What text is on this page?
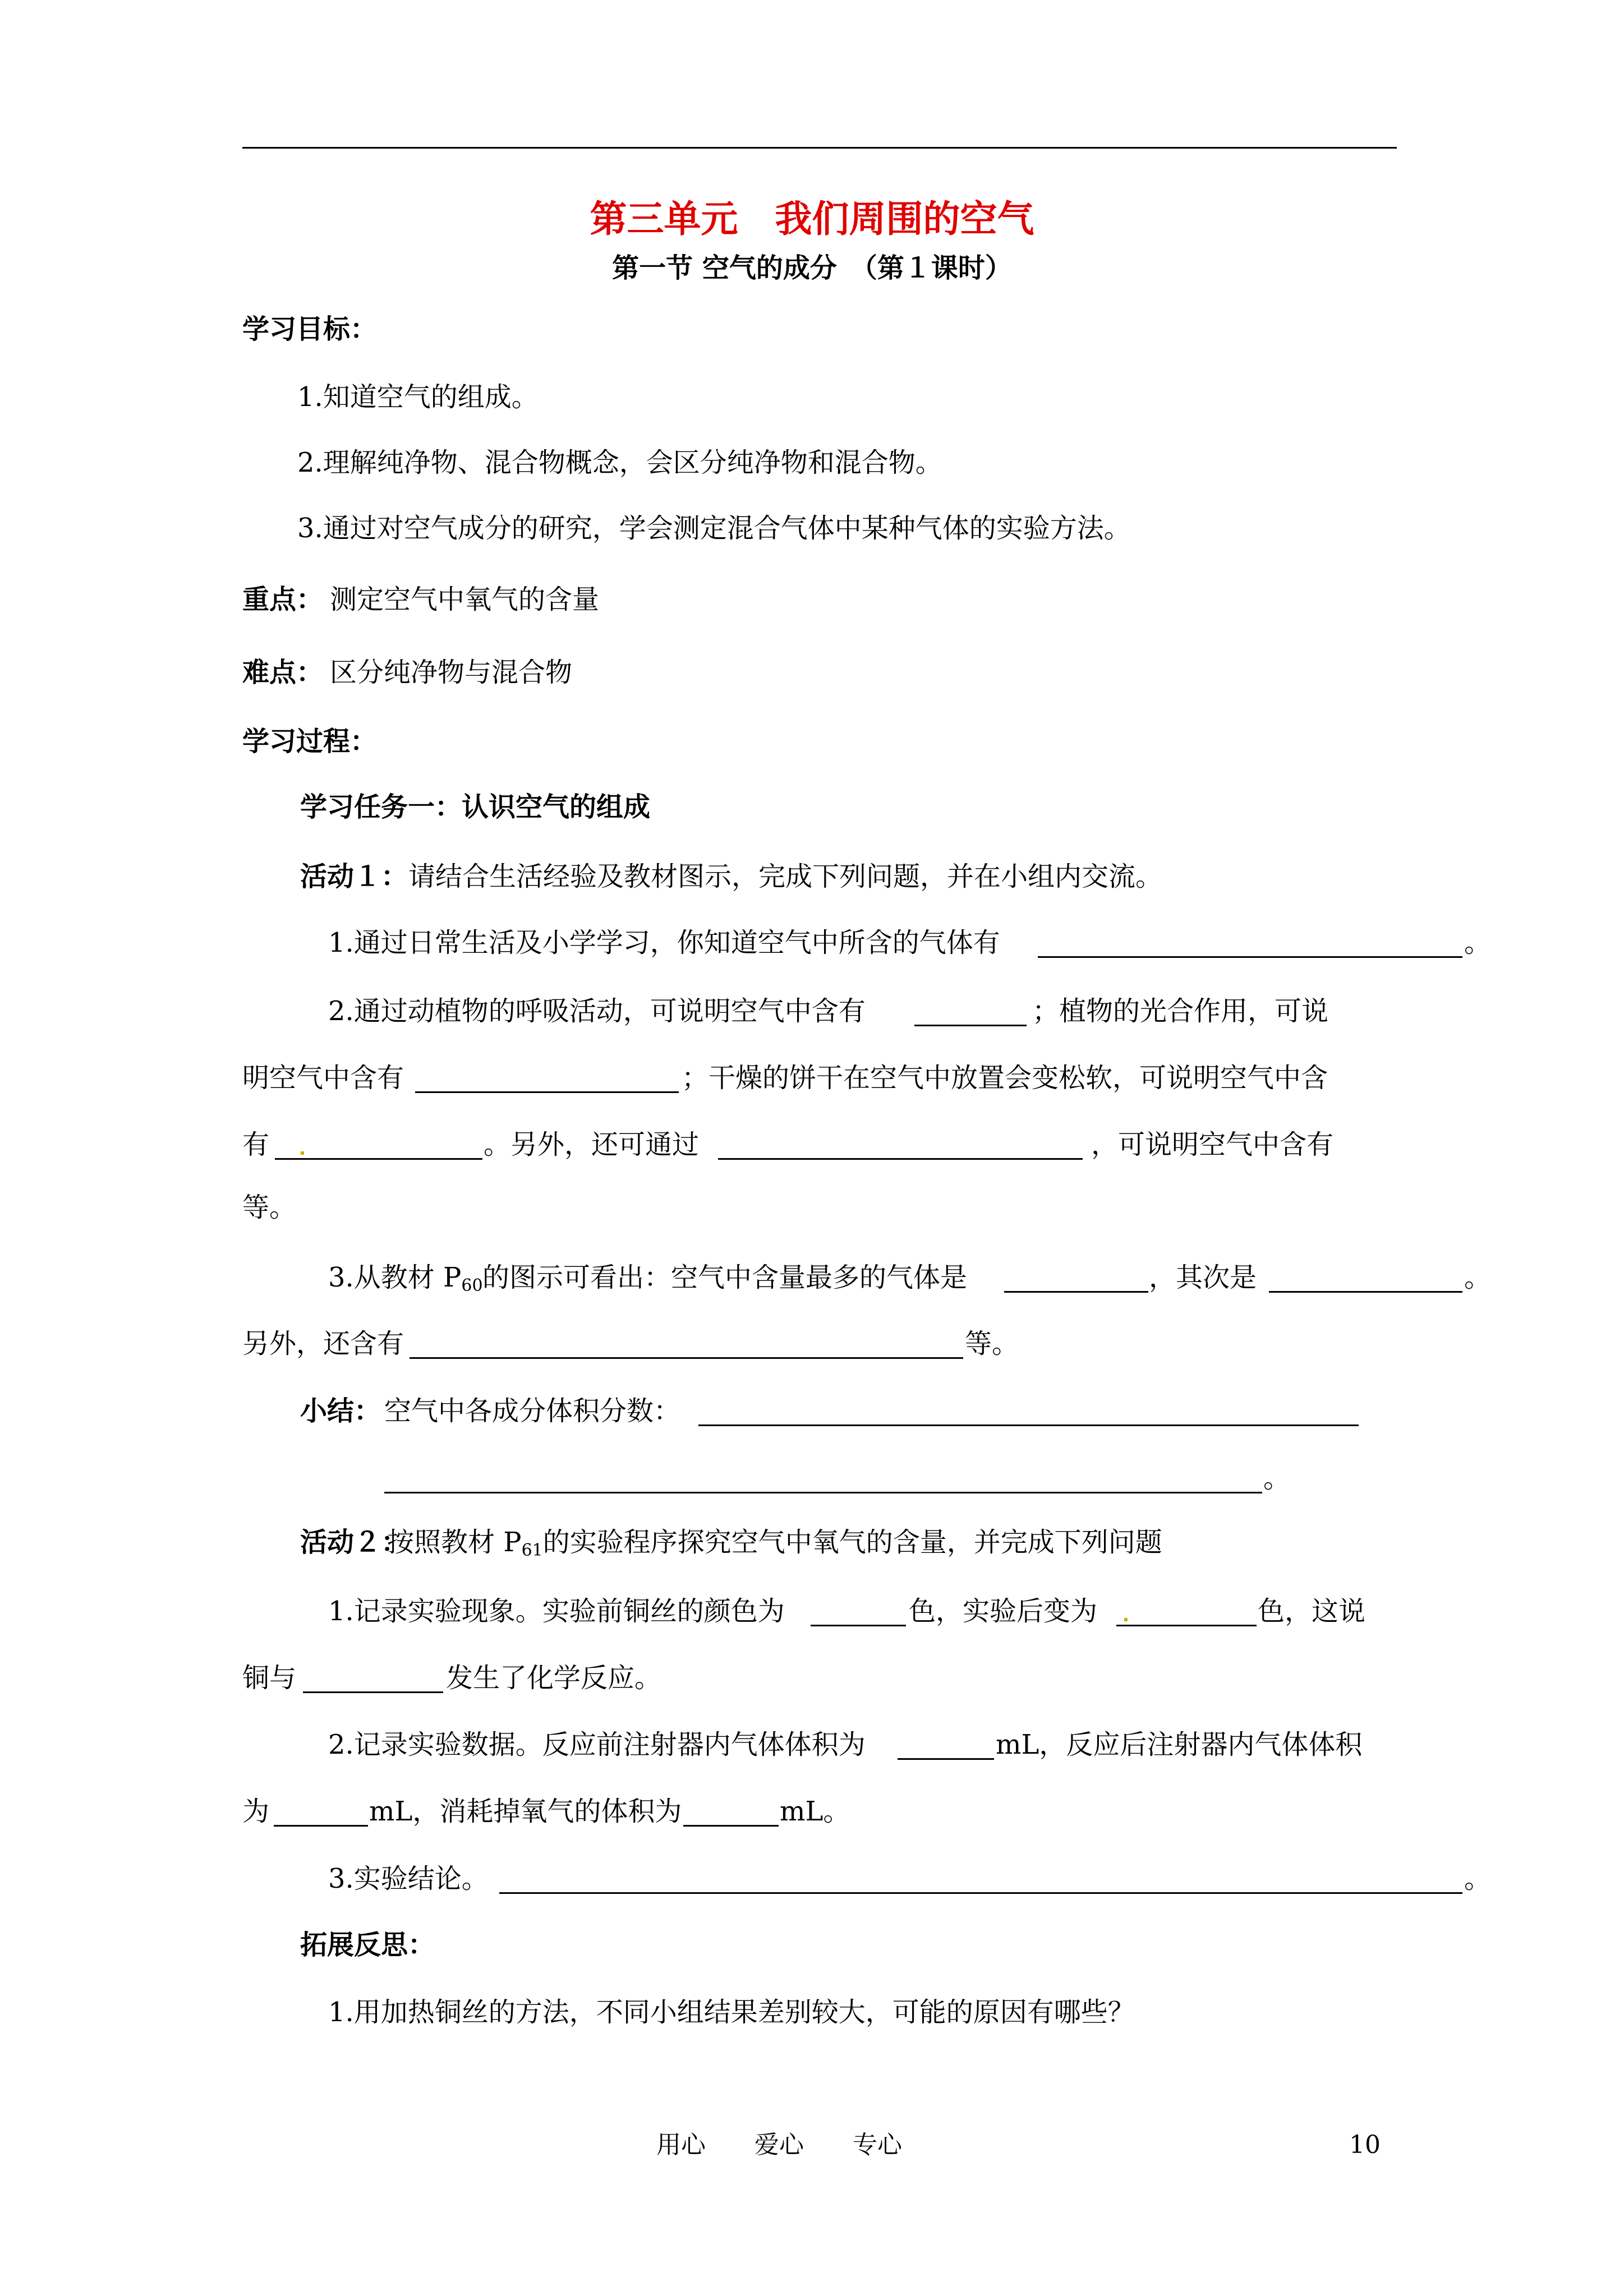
第三单元　我们周围的空气
第一节 空气的成分　（第１课时）
学习目标：
1.知道空气的组成。
2.理解纯净物、混合物概念，会区分纯净物和混合物。
3.通过对空气成分的研究，学会测定混合气体中某种气体的实验方法。
重点： 测定空气中氧气的含量
难点： 区分纯净物与混合物
学习过程：
学习任务一：认识空气的组成
活动１： 请结合生活经验及教材图示，完成下列问题，并在小组内交流。
1.通过日常生活及小学学习，你知道空气中所含的气体有	。
2.通过动植物的呼吸活动，可说明空气中含有	；植物的光合作用，可说
明空气中含有	；干燥的饼干在空气中放置会变松软，可说明空气中含
有	。另外，还可通过	，可说明空气中含有
等。
3.从教材 $P_{60}$ 的图示可看出：空气中含量最多的气体是	，其次是	。
另外，还含有	等。
小结： 空气中各成分体积分数：
。
活动２：
按照教材 $P_{61}$的实验程序探究空气中氧气的含量，并完成下列问题
1.记录实验现象。实验前铜丝的颜色为	色，实验后变为	色，这说
铜与	发生了化学反应。
2.记录实验数据。反应前注射器内气体体积为	mL，反应后注射器内气体体积
为	mL，消耗掉氧气的体积为	mL。
3.实验结论。	。
拓展反思：
1.用加热铜丝的方法，不同小组结果差别较大，可能的原因有哪些？
用心 爱心 专心	10
